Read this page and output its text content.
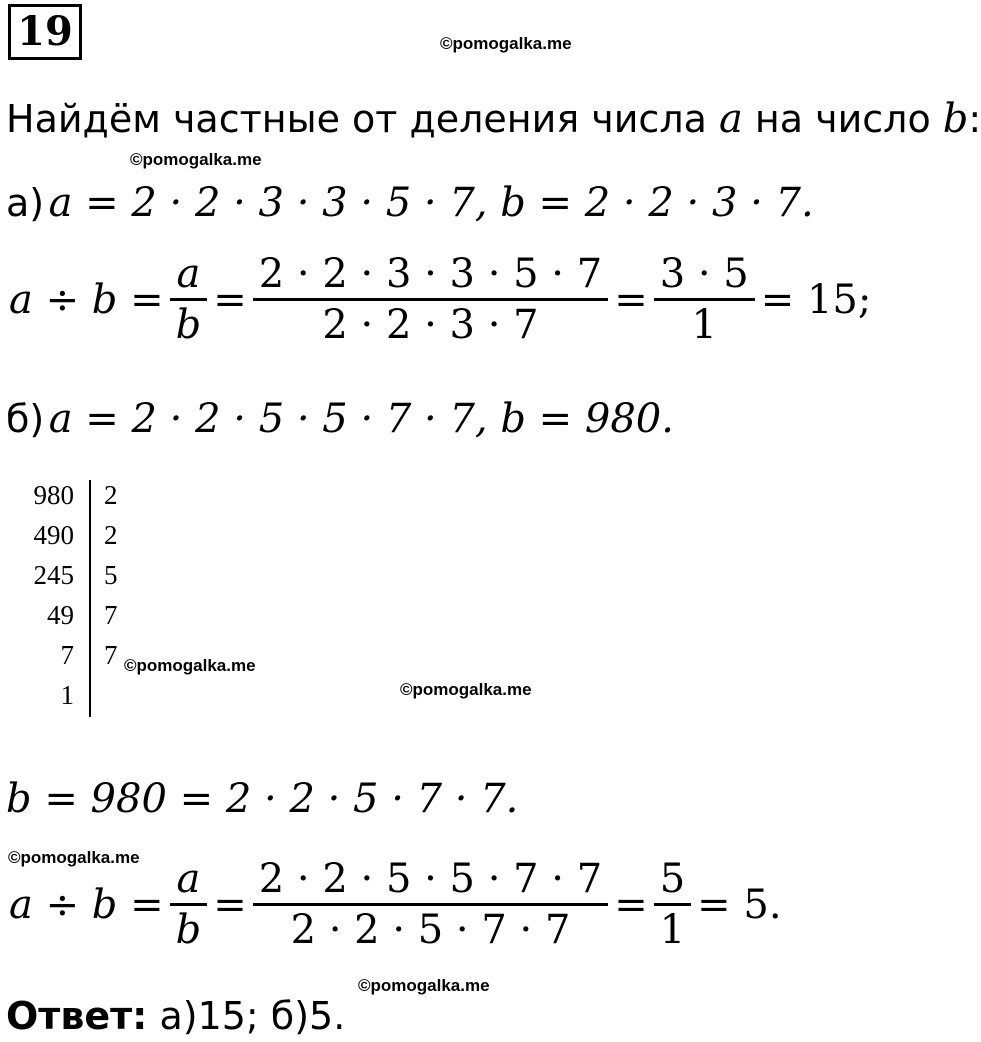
19	©pomogalka.me
Найдём частные от деления числа a на число b:
©pomogalka.me
а) a = 2 · 2 · 3 · 3 · 5 · 7, b = 2 · 2 · 3 · 7.
$a \div b = \frac{a}{b} = \frac{2 \cdot 2 \cdot 3 \cdot 3 \cdot 5 \cdot 7}{2 \cdot 2 \cdot 3 \cdot 7} = \frac{3 \cdot 5}{1} = 15$;
б) a = 2 · 2 · 5 · 5 · 7 · 7, b = 980.
980
490
245
49
7
1
2
2
5
7
7 ©pomogalka.me
©pomogalka.me
b = 980 = 2 · 2 · 5 · 7 · 7.
©pomogalka.me
$a \div b = \frac{a}{b} = \frac{2 \cdot 2 \cdot 5 \cdot 5 \cdot 7 \cdot 7}{2 \cdot 2 \cdot 5 \cdot 7 \cdot 7} = \frac{5}{1} = 5$.
©pomogalka.me
Ответ: а)15; б)5.
